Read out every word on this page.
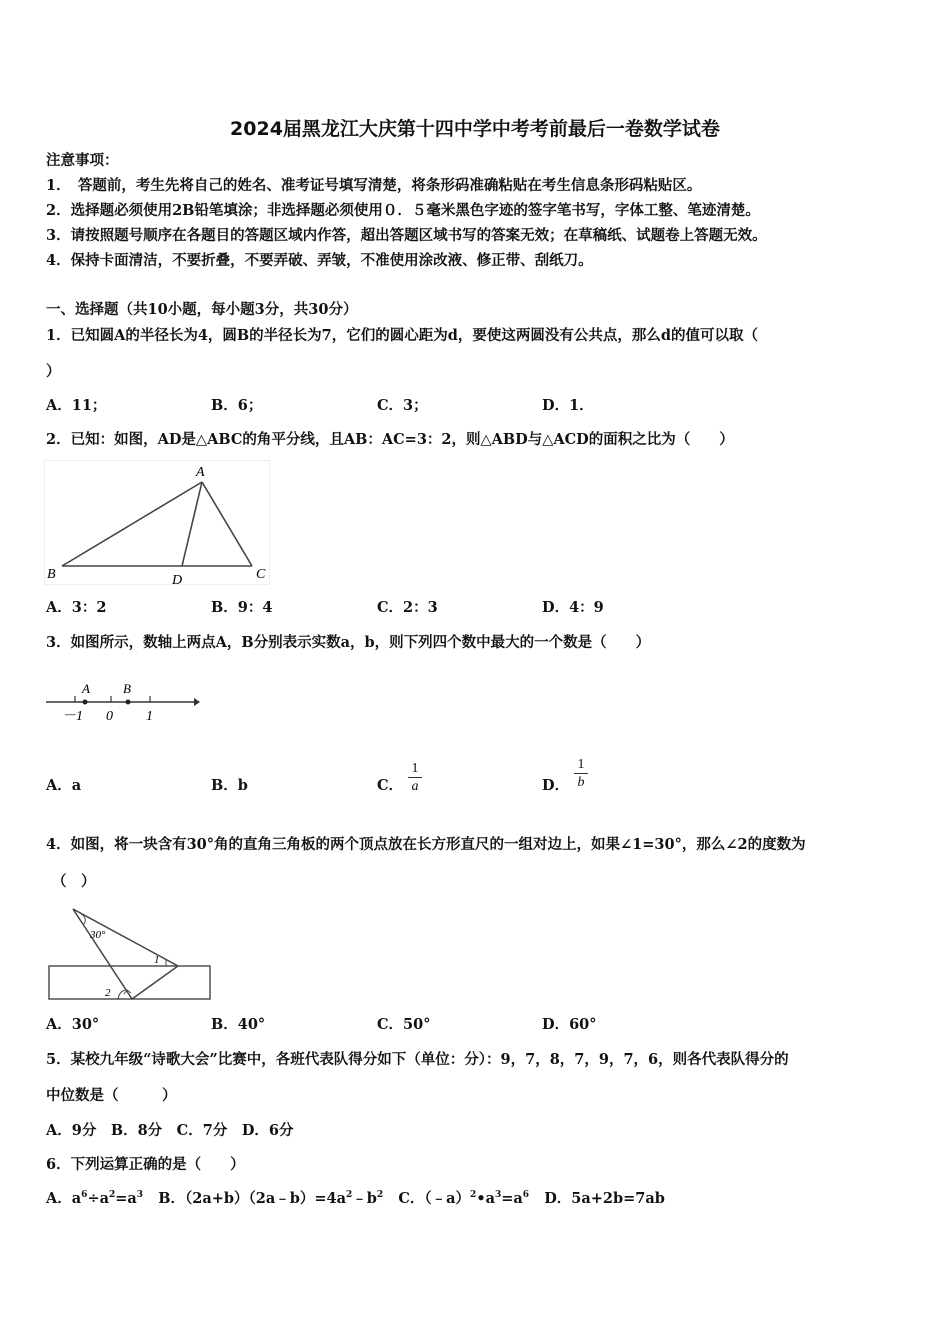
2024届黑龙江大庆第十四中学中考考前最后一卷数学试卷
注意事项：
1．　答题前，考生先将自己的姓名、准考证号填写清楚，将条形码准确粘贴在考生信息条形码粘贴区。
2．选择题必须使用2B铅笔填涂；非选择题必须使用０．５毫米黑色字迹的签字笔书写，字体工整、笔迹清楚。
3．请按照题号顺序在各题目的答题区域内作答，超出答题区域书写的答案无效；在草稿纸、试题卷上答题无效。
4．保持卡面清洁，不要折叠，不要弄破、弄皱，不准使用涂改液、修正带、刮纸刀。
一、选择题（共10小题，每小题3分，共30分）
1．已知圆A的半径长为4，圆B的半径长为7，它们的圆心距为d，要使这两圆没有公共点，那么d的值可以取（
）
A．11；	B．6；	C．3；	D．1．
2．已知：如图，AD是△ABC的角平分线，且AB：AC=3：2，则△ABD与△ACD的面积之比为（　　）
A
B	C
D
A．3：2	B．9：4	C．2：3	D．4：9
3．如图所示，数轴上两点A，B分别表示实数a，b，则下列四个数中最大的一个数是（　　）
A	B
－1 0 1
A．a	B．b	C． $\frac{1}{a}$	D． $\frac{1}{b}$
4．如图，将一块含有30°角的直角三角板的两个顶点放在长方形直尺的一组对边上，如果∠1=30°，那么∠2的度数为
（　）
30°
1
2
A．30°	B．40°	C．50°	D．60°
5．某校九年级“诗歌大会”比赛中，各班代表队得分如下（单位：分）：9，7，8，7，9，7，6，则各代表队得分的
中位数是（　　　）
A．9分　B．8分　C．7分　D．6分
6．下列运算正确的是（　　）
A．$a^6\div a^2=a^3$ B．$(2a+b)(2a﹣b)=4a^2﹣b^2$ C．$(﹣a)^2•a^3=a^6$ D．5a+2b=7ab
